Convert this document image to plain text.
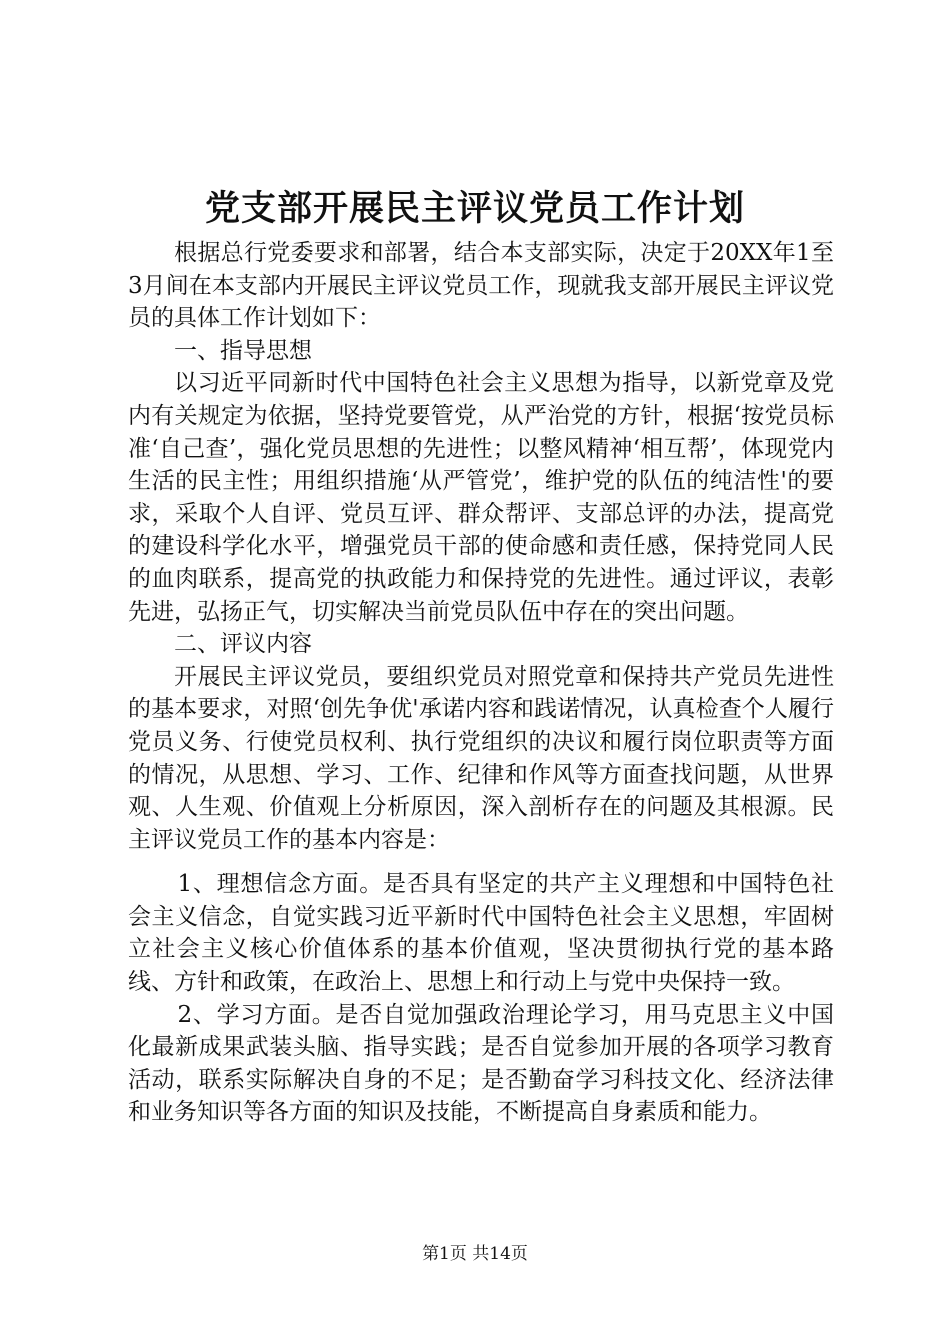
党支部开展民主评议党员工作计划

根据总行党委要求和部署，结合本支部实际，决定于20XX年1至3月间在本支部内开展民主评议党员工作，现就我支部开展民主评议党员的具体工作计划如下：

一、指导思想

以习近平同新时代中国特色社会主义思想为指导，以新党章及党内有关规定为依据，坚持党要管党，从严治党的方针，根据‘按党员标准‘自己查’，强化党员思想的先进性；以整风精神‘相互帮’，体现党内生活的民主性；用组织措施‘从严管党’，维护党的队伍的纯洁性'的要求，采取个人自评、党员互评、群众帮评、支部总评的办法，提高党的建设科学化水平，增强党员干部的使命感和责任感，保持党同人民的血肉联系，提高党的执政能力和保持党的先进性。通过评议，表彰先进，弘扬正气，切实解决当前党员队伍中存在的突出问题。

二、评议内容

开展民主评议党员，要组织党员对照党章和保持共产党员先进性的基本要求，对照‘创先争优'承诺内容和践诺情况，认真检查个人履行党员义务、行使党员权利、执行党组织的决议和履行岗位职责等方面的情况，从思想、学习、工作、纪律和作风等方面查找问题，从世界观、人生观、价值观上分析原因，深入剖析存在的问题及其根源。民主评议党员工作的基本内容是：

1、理想信念方面。是否具有坚定的共产主义理想和中国特色社会主义信念，自觉实践习近平新时代中国特色社会主义思想，牢固树立社会主义核心价值体系的基本价值观，坚决贯彻执行党的基本路线、方针和政策，在政治上、思想上和行动上与党中央保持一致。

2、学习方面。是否自觉加强政治理论学习，用马克思主义中国化最新成果武装头脑、指导实践；是否自觉参加开展的各项学习教育活动，联系实际解决自身的不足；是否勤奋学习科技文化、经济法律和业务知识等各方面的知识及技能，不断提高自身素质和能力。

第1页 共14页
